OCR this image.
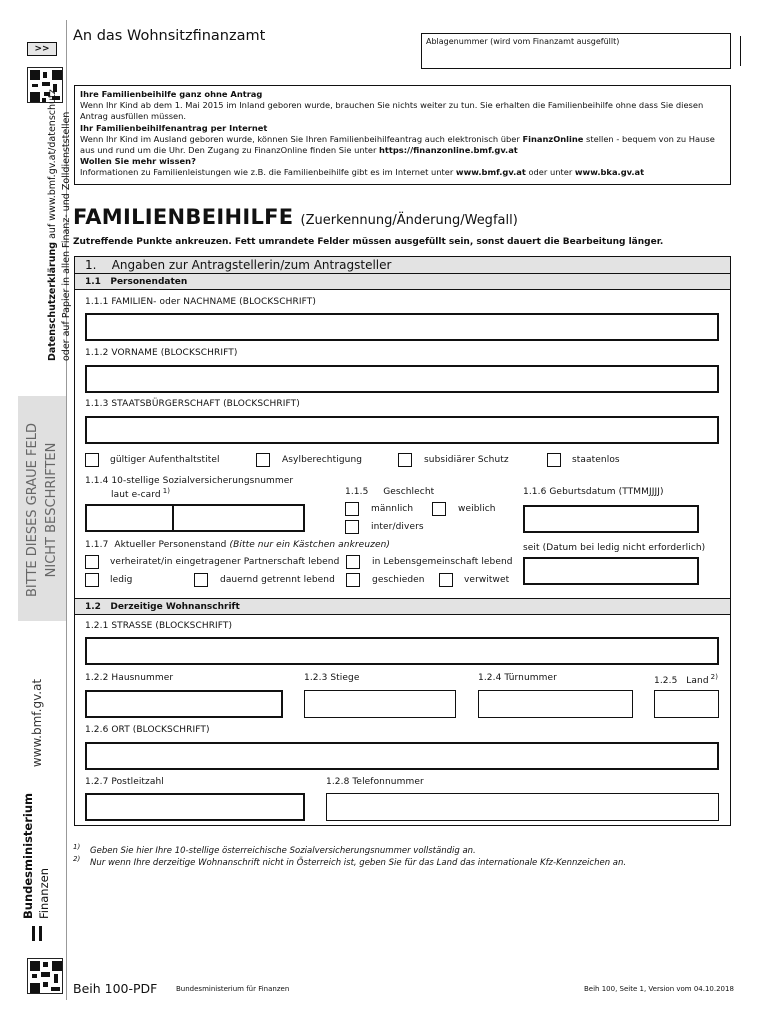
>>
Datenschutzerklärung auf www.bmf.gv.at/datenschutz oder auf Papier in allen Finanz- und Zolldienststellen
BITTE DIESES GRAUE FELD NICHT BESCHRIFTEN
www.bmf.gv.at
Bundesministerium Finanzen
An das Wohnsitzfinanzamt	Ablagenummer (wird vom Finanzamt ausgefüllt)
Ihre Familienbeihilfe ganz ohne Antrag
Wenn Ihr Kind ab dem 1. Mai 2015 im Inland geboren wurde, brauchen Sie nichts weiter zu tun. Sie erhalten die Familienbeihilfe ohne dass Sie diesen Antrag ausfüllen müssen.
Ihr Familienbeihilfenantrag per Internet
Wenn Ihr Kind im Ausland geboren wurde, können Sie Ihren Familienbeihilfeantrag auch elektronisch über FinanzOnline stellen - bequem von zu Hause aus und rund um die Uhr. Den Zugang zu FinanzOnline finden Sie unter https://finanzonline.bmf.gv.at
Wollen Sie mehr wissen?
Informationen zu Familienleistungen wie z.B. die Familienbeihilfe gibt es im Internet unter www.bmf.gv.at oder unter www.bka.gv.at
FAMILIENBEIHILFE (Zuerkennung/Änderung/Wegfall)
Zutreffende Punkte ankreuzen. Fett umrandete Felder müssen ausgefüllt sein, sonst dauert die Bearbeitung länger.
1.    Angaben zur Antragstellerin/zum Antragsteller
1.1   Personendaten
1.1.1 FAMILIEN- oder NACHNAME (BLOCKSCHRIFT)
1.1.2 VORNAME (BLOCKSCHRIFT)
1.1.3 STAATSBÜRGERSCHAFT (BLOCKSCHRIFT)
gültiger Aufenthaltstitel	Asylberechtigung	subsidiärer Schutz	staatenlos
1.1.4 10-stellige Sozialversicherungsnummer
laut e-card $^{1)}$	1.1.5     Geschlecht
männlich	weiblich
inter/divers
1.1.6 Geburtsdatum (TTMMJJJJ)
1.1.7  Aktueller Personenstand (Bitte nur ein Kästchen ankreuzen)
verheiratet/in eingetragener Partnerschaft lebend	in Lebensgemeinschaft lebend
ledig	dauernd getrennt lebend	geschieden	verwitwet
seit (Datum bei ledig nicht erforderlich)
1.2   Derzeitige Wohnanschrift
1.2.1 STRASSE (BLOCKSCHRIFT)
1.2.2 Hausnummer	1.2.3 Stiege	1.2.4 Türnummer	1.2.5   Land $^{2)}$
1.2.6 ORT (BLOCKSCHRIFT)
1.2.7 Postleitzahl	1.2.8 Telefonnummer
1) Geben Sie hier Ihre 10-stellige österreichische Sozialversicherungsnummer vollständig an.
2) Nur wenn Ihre derzeitige Wohnanschrift nicht in Österreich ist, geben Sie für das Land das internationale Kfz-Kennzeichen an.
Beih 100-PDF	Bundesministerium für Finanzen	Beih 100, Seite 1, Version vom 04.10.2018
